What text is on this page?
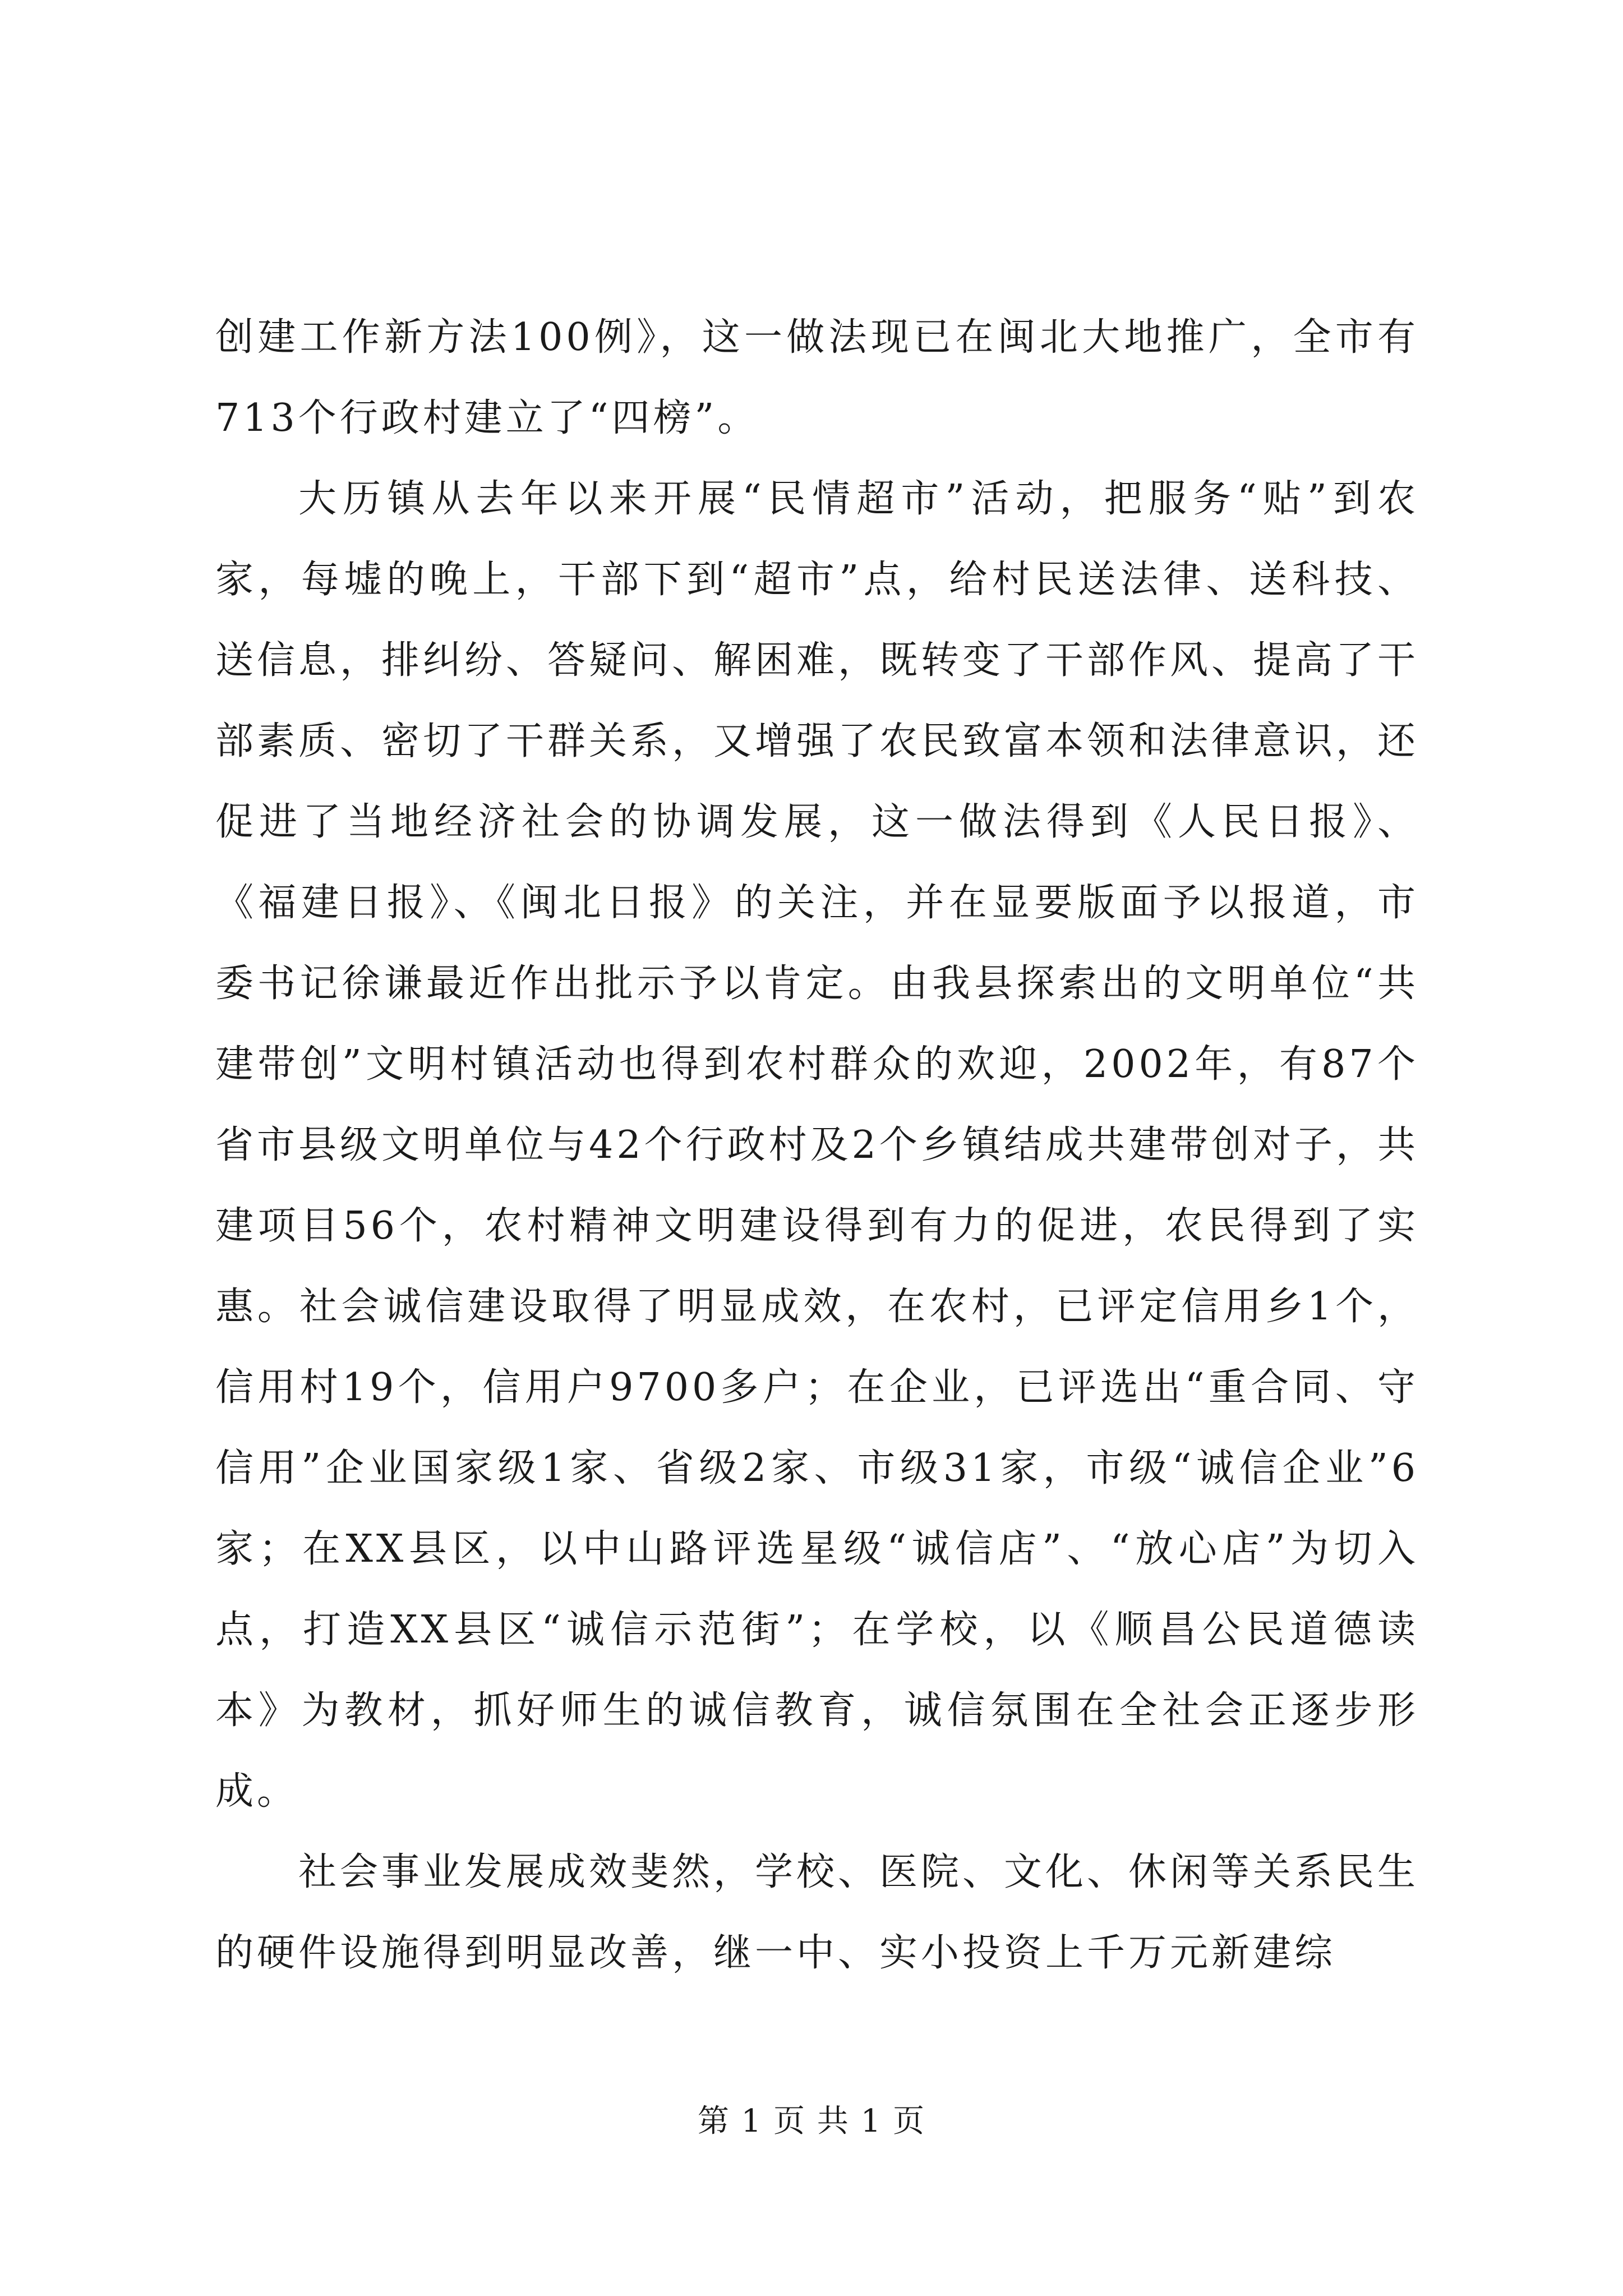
创建工作新方法100例》，这一做法现已在闽北大地推广，全市有713个行政村建立了“四榜”。

大历镇从去年以来开展“民情超市”活动，把服务“贴”到农家，每墟的晚上，干部下到“超市”点，给村民送法律、送科技、送信息，排纠纷、答疑问、解困难，既转变了干部作风、提高了干部素质、密切了干群关系，又增强了农民致富本领和法律意识，还促进了当地经济社会的协调发展，这一做法得到《人民日报》、《福建日报》、《闽北日报》的关注，并在显要版面予以报道，市委书记徐谦最近作出批示予以肯定。由我县探索出的文明单位“共建带创”文明村镇活动也得到农村群众的欢迎，2002年，有87个省市县级文明单位与42个行政村及2个乡镇结成共建带创对子，共建项目56个，农村精神文明建设得到有力的促进，农民得到了实惠。社会诚信建设取得了明显成效，在农村，已评定信用乡1个，信用村19个，信用户9700多户；在企业，已评选出“重合同、守信用”企业国家级1家、省级2家、市级31家，市级“诚信企业”6家；在XX县区，以中山路评选星级“诚信店”、“放心店”为切入点，打造XX县区“诚信示范街”；在学校，以《顺昌公民道德读本》为教材，抓好师生的诚信教育，诚信氛围在全社会正逐步形成。

社会事业发展成效斐然，学校、医院、文化、休闲等关系民生的硬件设施得到明显改善，继一中、实小投资上千万元新建综

第 1 页 共 1 页
